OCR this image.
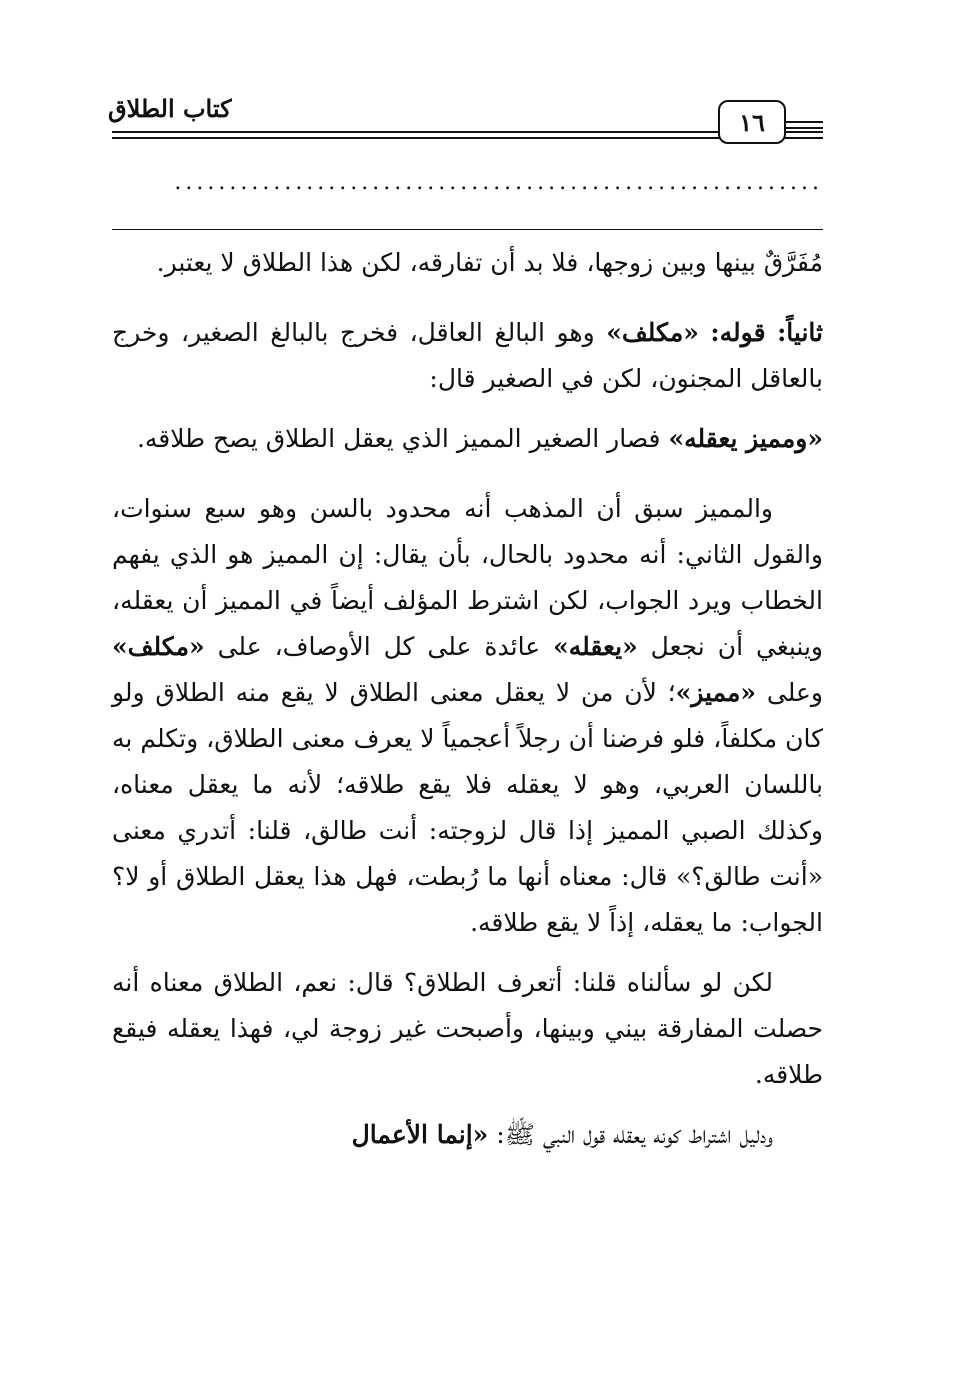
كتاب الطلاق	١٦
...........................................................

مُفَرَّقٌ بينها وبين زوجها، فلا بد أن تفارقه، لكن هذا الطلاق لا يعتبر.

ثانياً: قوله: «مكلف» وهو البالغ العاقل، فخرج بالبالغ الصغير، وخرج بالعاقل المجنون، لكن في الصغير قال:

«ومميز يعقله» فصار الصغير المميز الذي يعقل الطلاق يصح طلاقه.

والمميز سبق أن المذهب أنه محدود بالسن وهو سبع سنوات، والقول الثاني: أنه محدود بالحال، بأن يقال: إن المميز هو الذي يفهم الخطاب ويرد الجواب، لكن اشترط المؤلف أيضاً في المميز أن يعقله، وينبغي أن نجعل «يعقله» عائدة على كل الأوصاف، على «مكلف» وعلى «مميز»؛ لأن من لا يعقل معنى الطلاق لا يقع منه الطلاق ولو كان مكلفاً، فلو فرضنا أن رجلاً أعجمياً لا يعرف معنى الطلاق، وتكلم به باللسان العربي، وهو لا يعقله فلا يقع طلاقه؛ لأنه ما يعقل معناه، وكذلك الصبي المميز إذا قال لزوجته: أنت طالق، قلنا: أتدري معنى «أنت طالق؟» قال: معناه أنها ما رُبطت، فهل هذا يعقل الطلاق أو لا؟ الجواب: ما يعقله، إذاً لا يقع طلاقه.

لكن لو سألناه قلنا: أتعرف الطلاق؟ قال: نعم، الطلاق معناه أنه حصلت المفارقة بيني وبينها، وأصبحت غير زوجة لي، فهذا يعقله فيقع طلاقه.

ودليل اشتراط كونه يعقله قول النبي ﷺ: «إنما الأعمال
